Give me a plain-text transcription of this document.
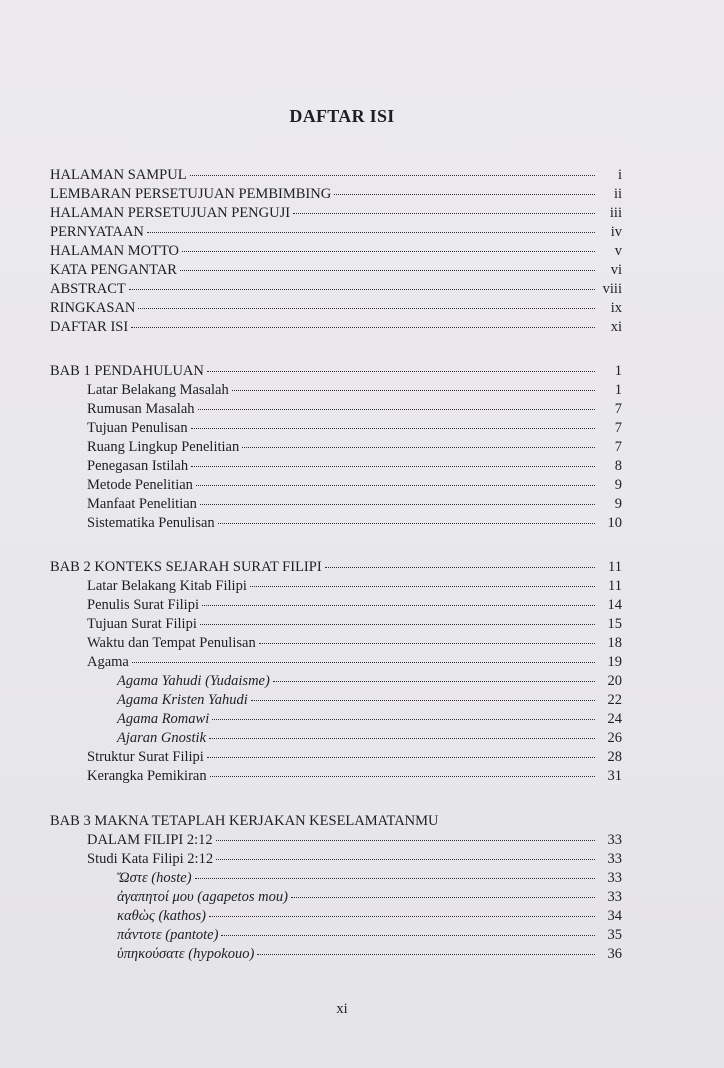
DAFTAR ISI
HALAMAN SAMPUL	i
LEMBARAN PERSETUJUAN PEMBIMBING	ii
HALAMAN PERSETUJUAN PENGUJI	iii
PERNYATAAN	iv
HALAMAN MOTTO	v
KATA PENGANTAR	vi
ABSTRACT	viii
RINGKASAN	ix
DAFTAR ISI	xi
BAB 1 PENDAHULUAN	1
Latar Belakang Masalah	1
Rumusan Masalah	7
Tujuan Penulisan	7
Ruang Lingkup Penelitian	7
Penegasan Istilah	8
Metode Penelitian	9
Manfaat Penelitian	9
Sistematika Penulisan	10
BAB 2 KONTEKS SEJARAH SURAT FILIPI	11
Latar Belakang Kitab Filipi	11
Penulis Surat Filipi	14
Tujuan Surat Filipi	15
Waktu dan Tempat Penulisan	18
Agama	19
Agama Yahudi (Yudaisme)	20
Agama Kristen Yahudi	22
Agama Romawi	24
Ajaran Gnostik	26
Struktur Surat Filipi	28
Kerangka Pemikiran	31
BAB 3 MAKNA TETAPLAH KERJAKAN KESELAMATANMU
DALAM FILIPI 2:12	33
Studi Kata Filipi 2:12	33
Ὥστε (hoste)	33
ἀγαπητοί μου (agapetos mou)	33
καθὼς (kathos)	34
πάντοτε (pantote)	35
ὑπηκούσατε (hypokouo)	36
xi
